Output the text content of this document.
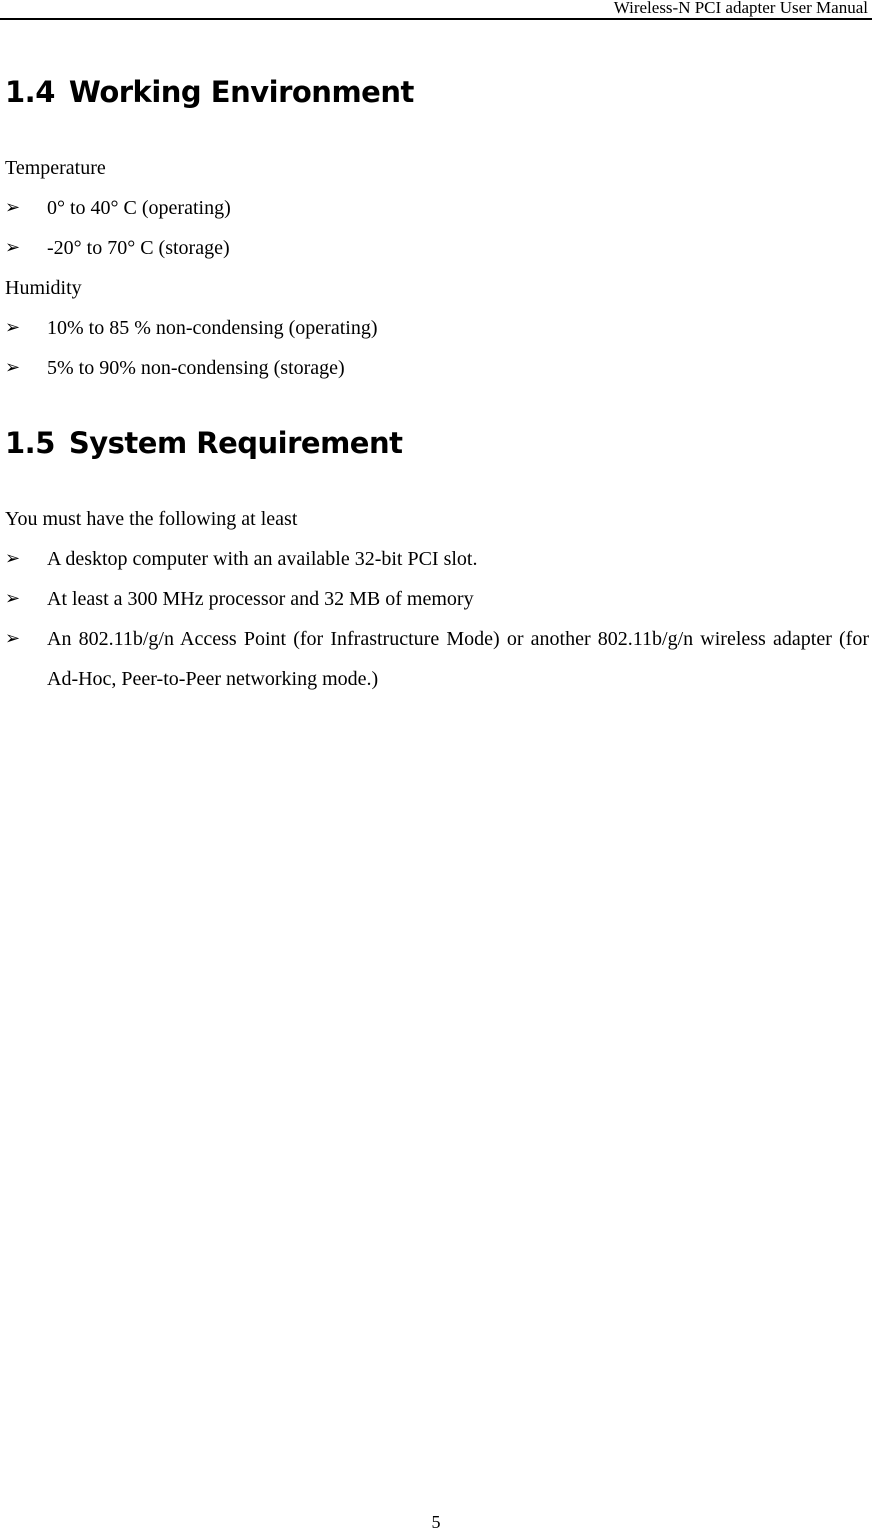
Wireless-N PCI adapter User Manual
1.4 Working Environment

Temperature

➢ 0° to 40° C (operating)
➢ -20° to 70° C (storage)

Humidity

➢ 10% to 85 % non-condensing (operating)
➢ 5% to 90% non-condensing (storage)
1.5 System Requirement

You must have the following at least

➢ A desktop computer with an available 32-bit PCI slot.
➢ At least a 300 MHz processor and 32 MB of memory
➢ An 802.11b/g/n Access Point (for Infrastructure Mode) or another 802.11b/g/n wireless adapter (for Ad-Hoc, Peer-to-Peer networking mode.)
5
